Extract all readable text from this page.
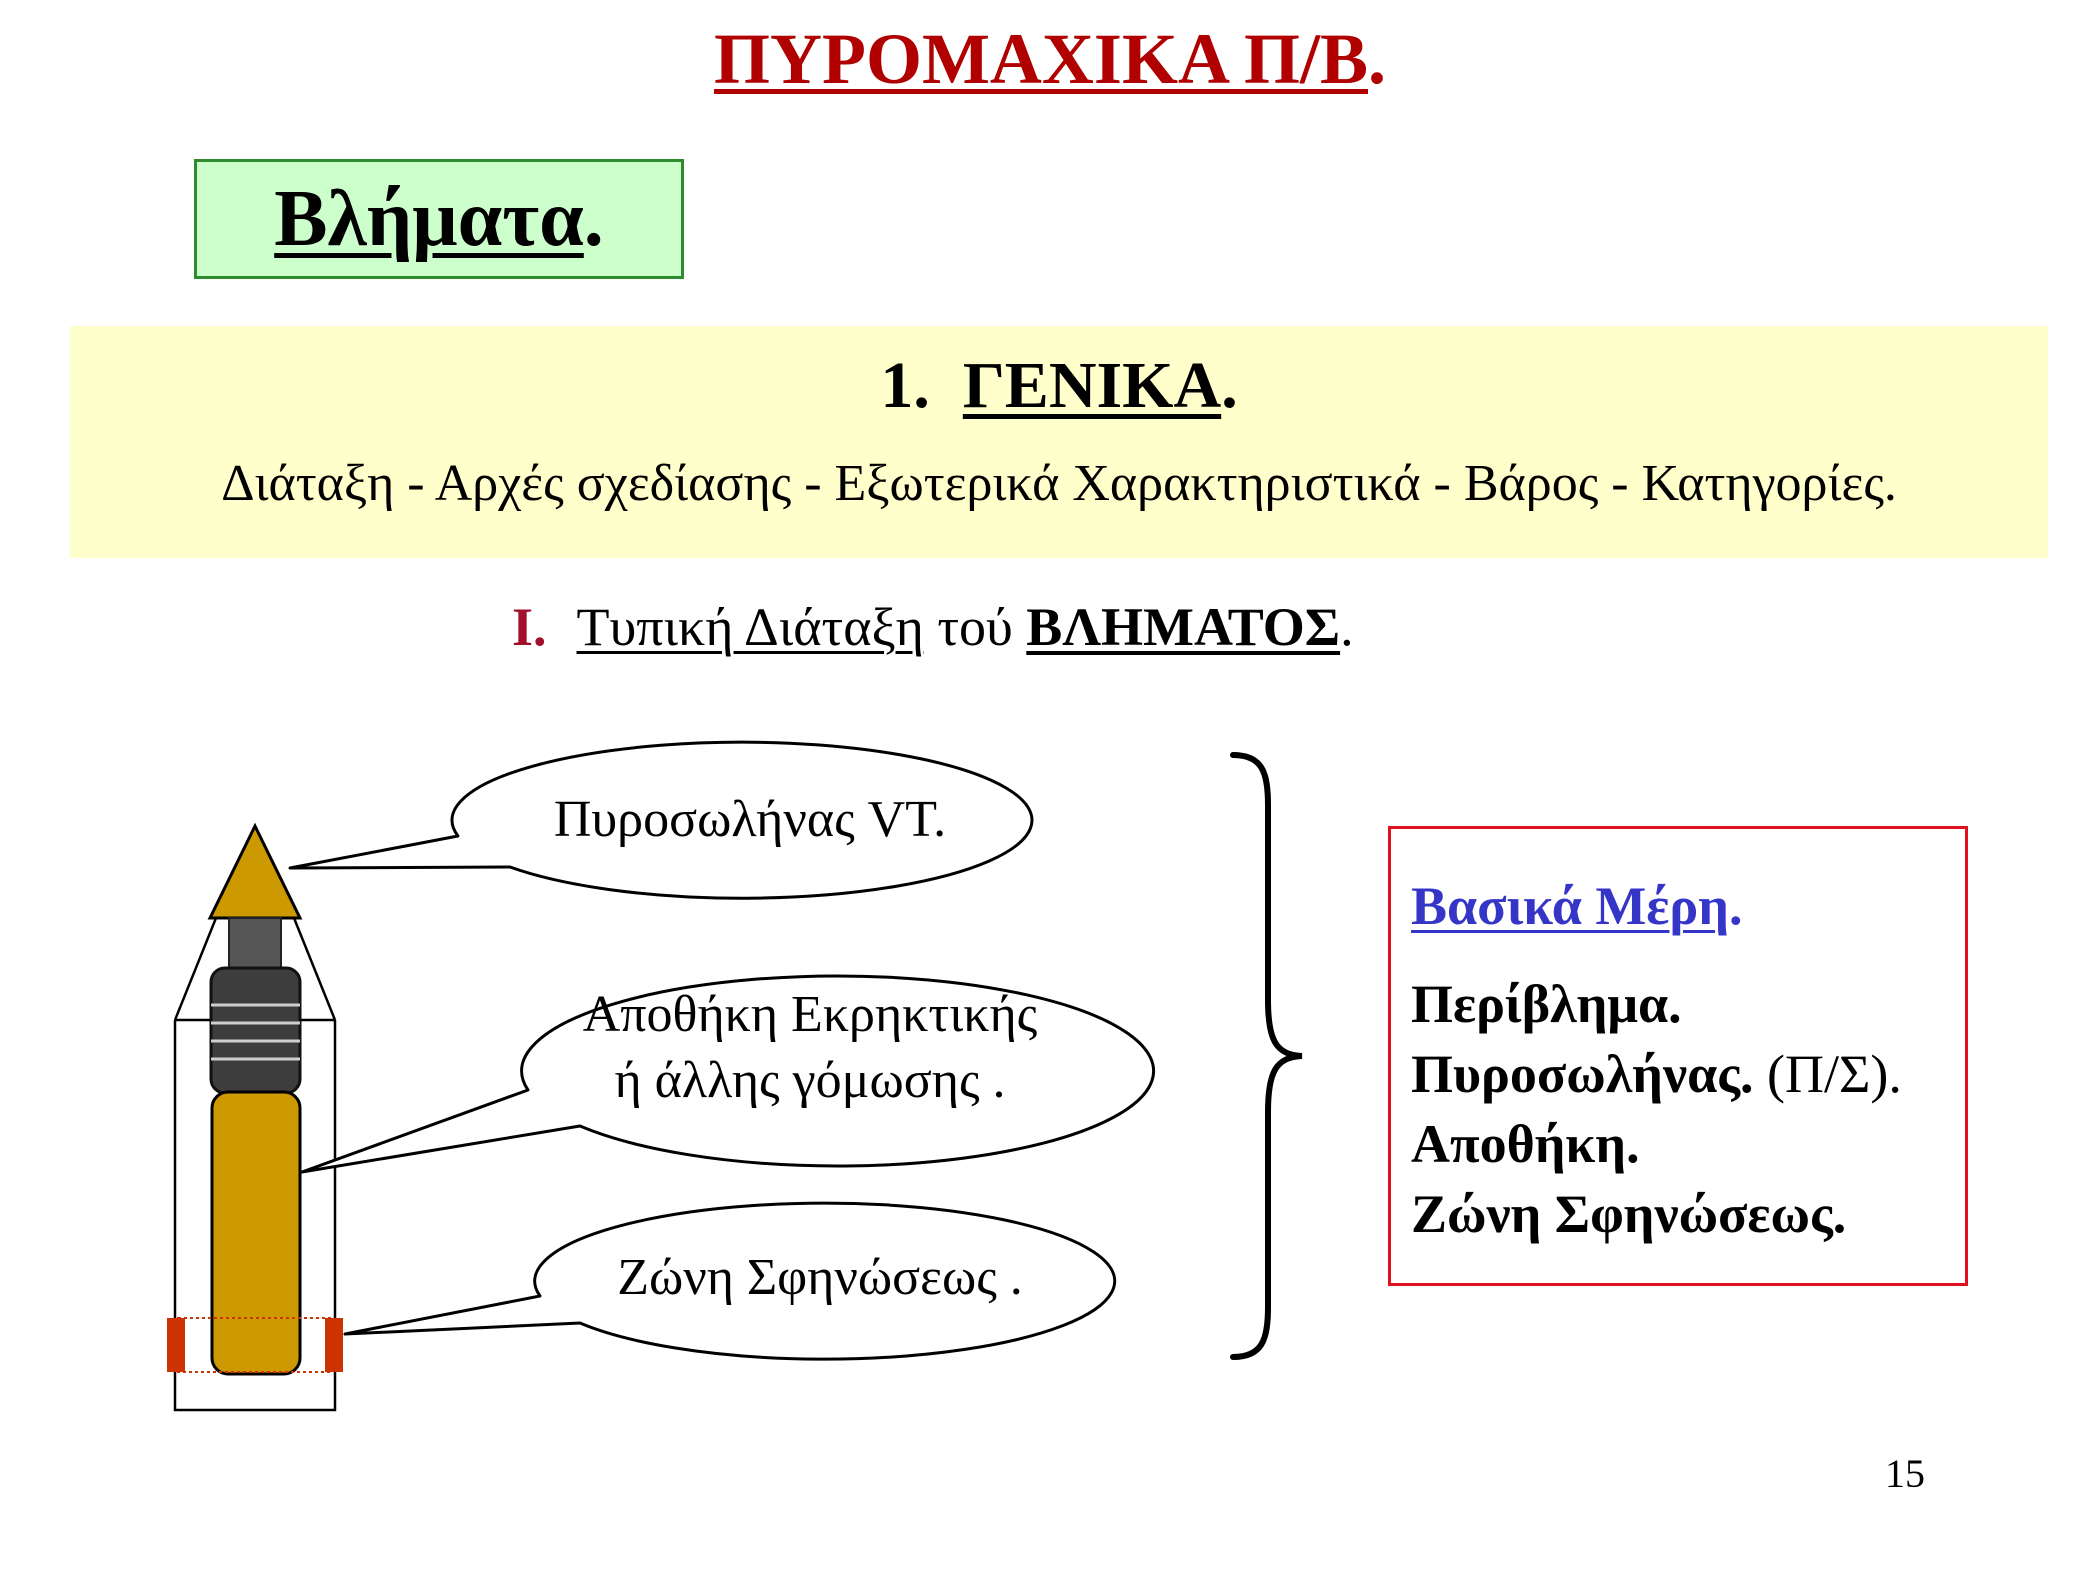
ΠΥΡΟΜΑΧΙΚΑ Π/Β.
Βλήματα .
1. ΓΕΝΙΚΑ.
Διάταξη - Αρχές σχεδίασης - Εξωτερικά Χαρακτηριστικά - Βάρος - Κατηγορίες.
Ι. Τυπική Διάταξη τού ΒΛΗΜΑΤΟΣ.
Πυροσωλήνας VT.
Αποθήκη Εκρηκτικής
ή άλλης γόμωσης .
Ζώνη Σφηνώσεως .
Βασικά Μέρη.
Περίβλημα.
Πυροσωλήνας. (Π/Σ).
Αποθήκη.
Ζώνη Σφηνώσεως.
15
